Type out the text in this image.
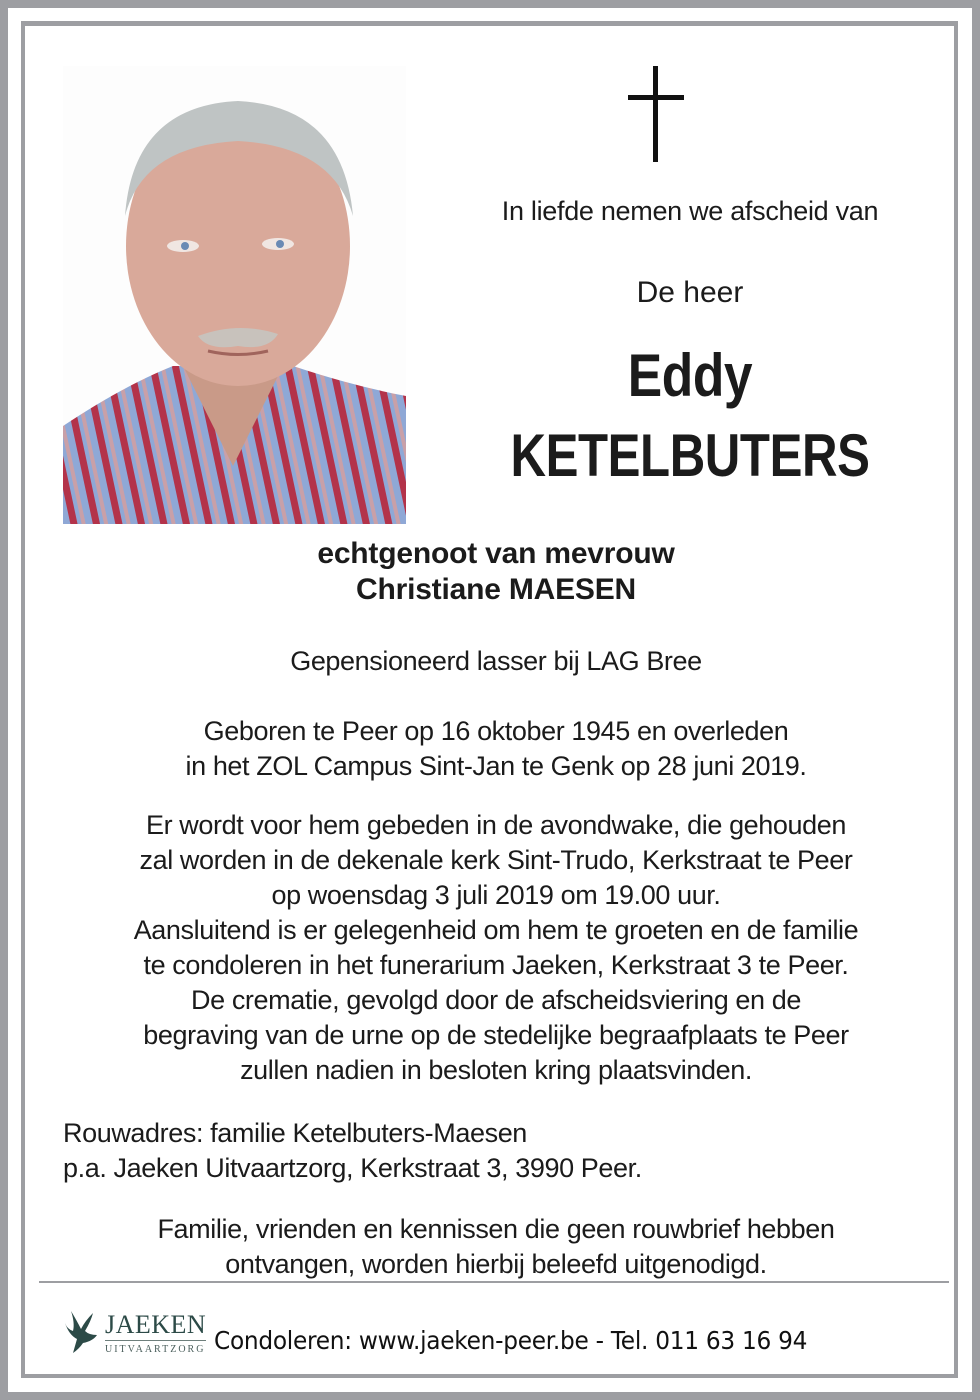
In liefde nemen we afscheid van
De heer
Eddy
KETELBUTERS
echtgenoot van mevrouw
Christiane MAESEN
Gepensioneerd lasser bij LAG Bree
Geboren te Peer op 16 oktober 1945 en overleden
in het ZOL Campus Sint-Jan te Genk op 28 juni 2019.
Er wordt voor hem gebeden in de avondwake, die gehouden
zal worden in de dekenale kerk Sint-Trudo, Kerkstraat te Peer
op woensdag 3 juli 2019 om 19.00 uur.
Aansluitend is er gelegenheid om hem te groeten en de familie
te condoleren in het funerarium Jaeken, Kerkstraat 3 te Peer.
De crematie, gevolgd door de afscheidsviering en de
begraving van de urne op de stedelijke begraafplaats te Peer
zullen nadien in besloten kring plaatsvinden.
Rouwadres: familie Ketelbuters-Maesen
p.a. Jaeken Uitvaartzorg, Kerkstraat 3, 3990 Peer.
Familie, vrienden en kennissen die geen rouwbrief hebben
ontvangen, worden hierbij beleefd uitgenodigd.
JAEKEN
UITVAARTZORG Condoleren: www.jaeken-peer.be - Tel. 011 63 16 94
